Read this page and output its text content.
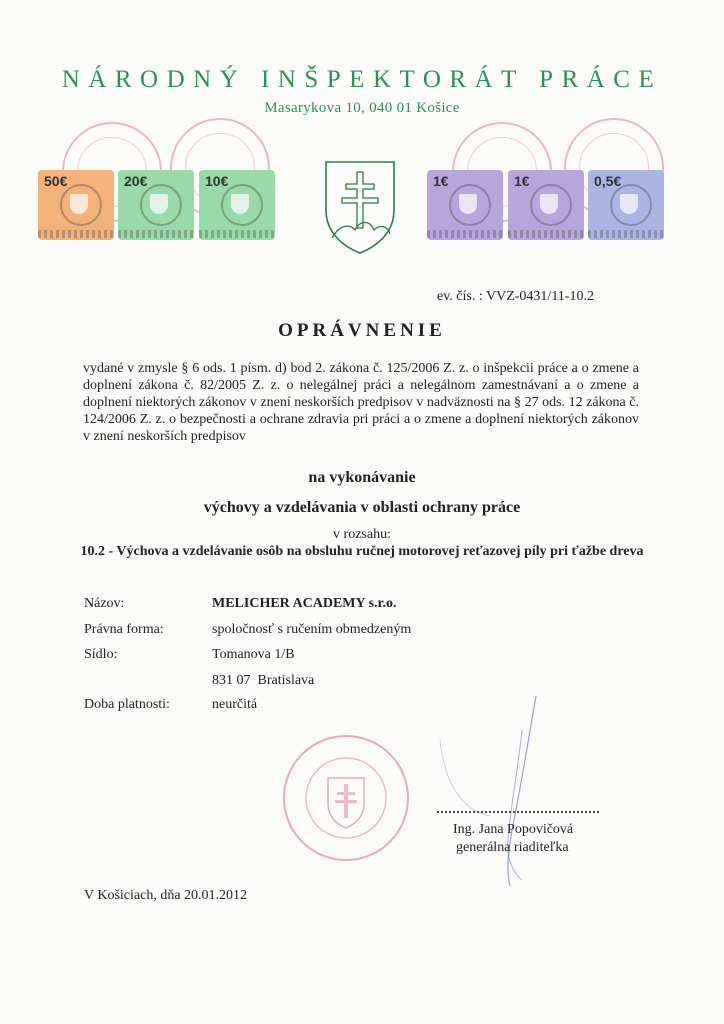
NÁRODNÝ INŠPEKTORÁT PRÁCE
Masarykova 10, 040 01 Košice
50€	20€	10€	1€	1€	0,5€
ev. čís. : VVZ-0431/11-10.2
OPRÁVNENIE
vydané v zmysle § 6 ods. 1 písm. d) bod 2. zákona č. 125/2006 Z. z. o inšpekcii práce a o zmene a doplnení zákona č. 82/2005 Z. z. o nelegálnej práci a nelegálnom zamestnávaní a o zmene a doplnení niektorých zákonov v znení neskorších predpisov v nadväznosti na § 27 ods. 12 zákona č. 124/2006 Z. z. o bezpečnosti a ochrane zdravia pri práci a o zmene a doplnení niektorých zákonov v znení neskorších predpisov
na vykonávanie
výchovy a vzdelávania v oblasti ochrany práce
v rozsahu:
10.2 - Výchova a vzdelávanie osôb na obsluhu ručnej motorovej reťazovej píly pri ťažbe dreva
Názov:	MELICHER ACADEMY s.r.o.
Právna forma:	spoločnosť s ručením obmedzeným
Sídlo:	Tomanova 1/B
831 07  Bratislava
Doba platnosti:	neurčitá
Ing. Jana Popovičová
generálna riaditeľka
V Košiciach, dňa 20.01.2012
